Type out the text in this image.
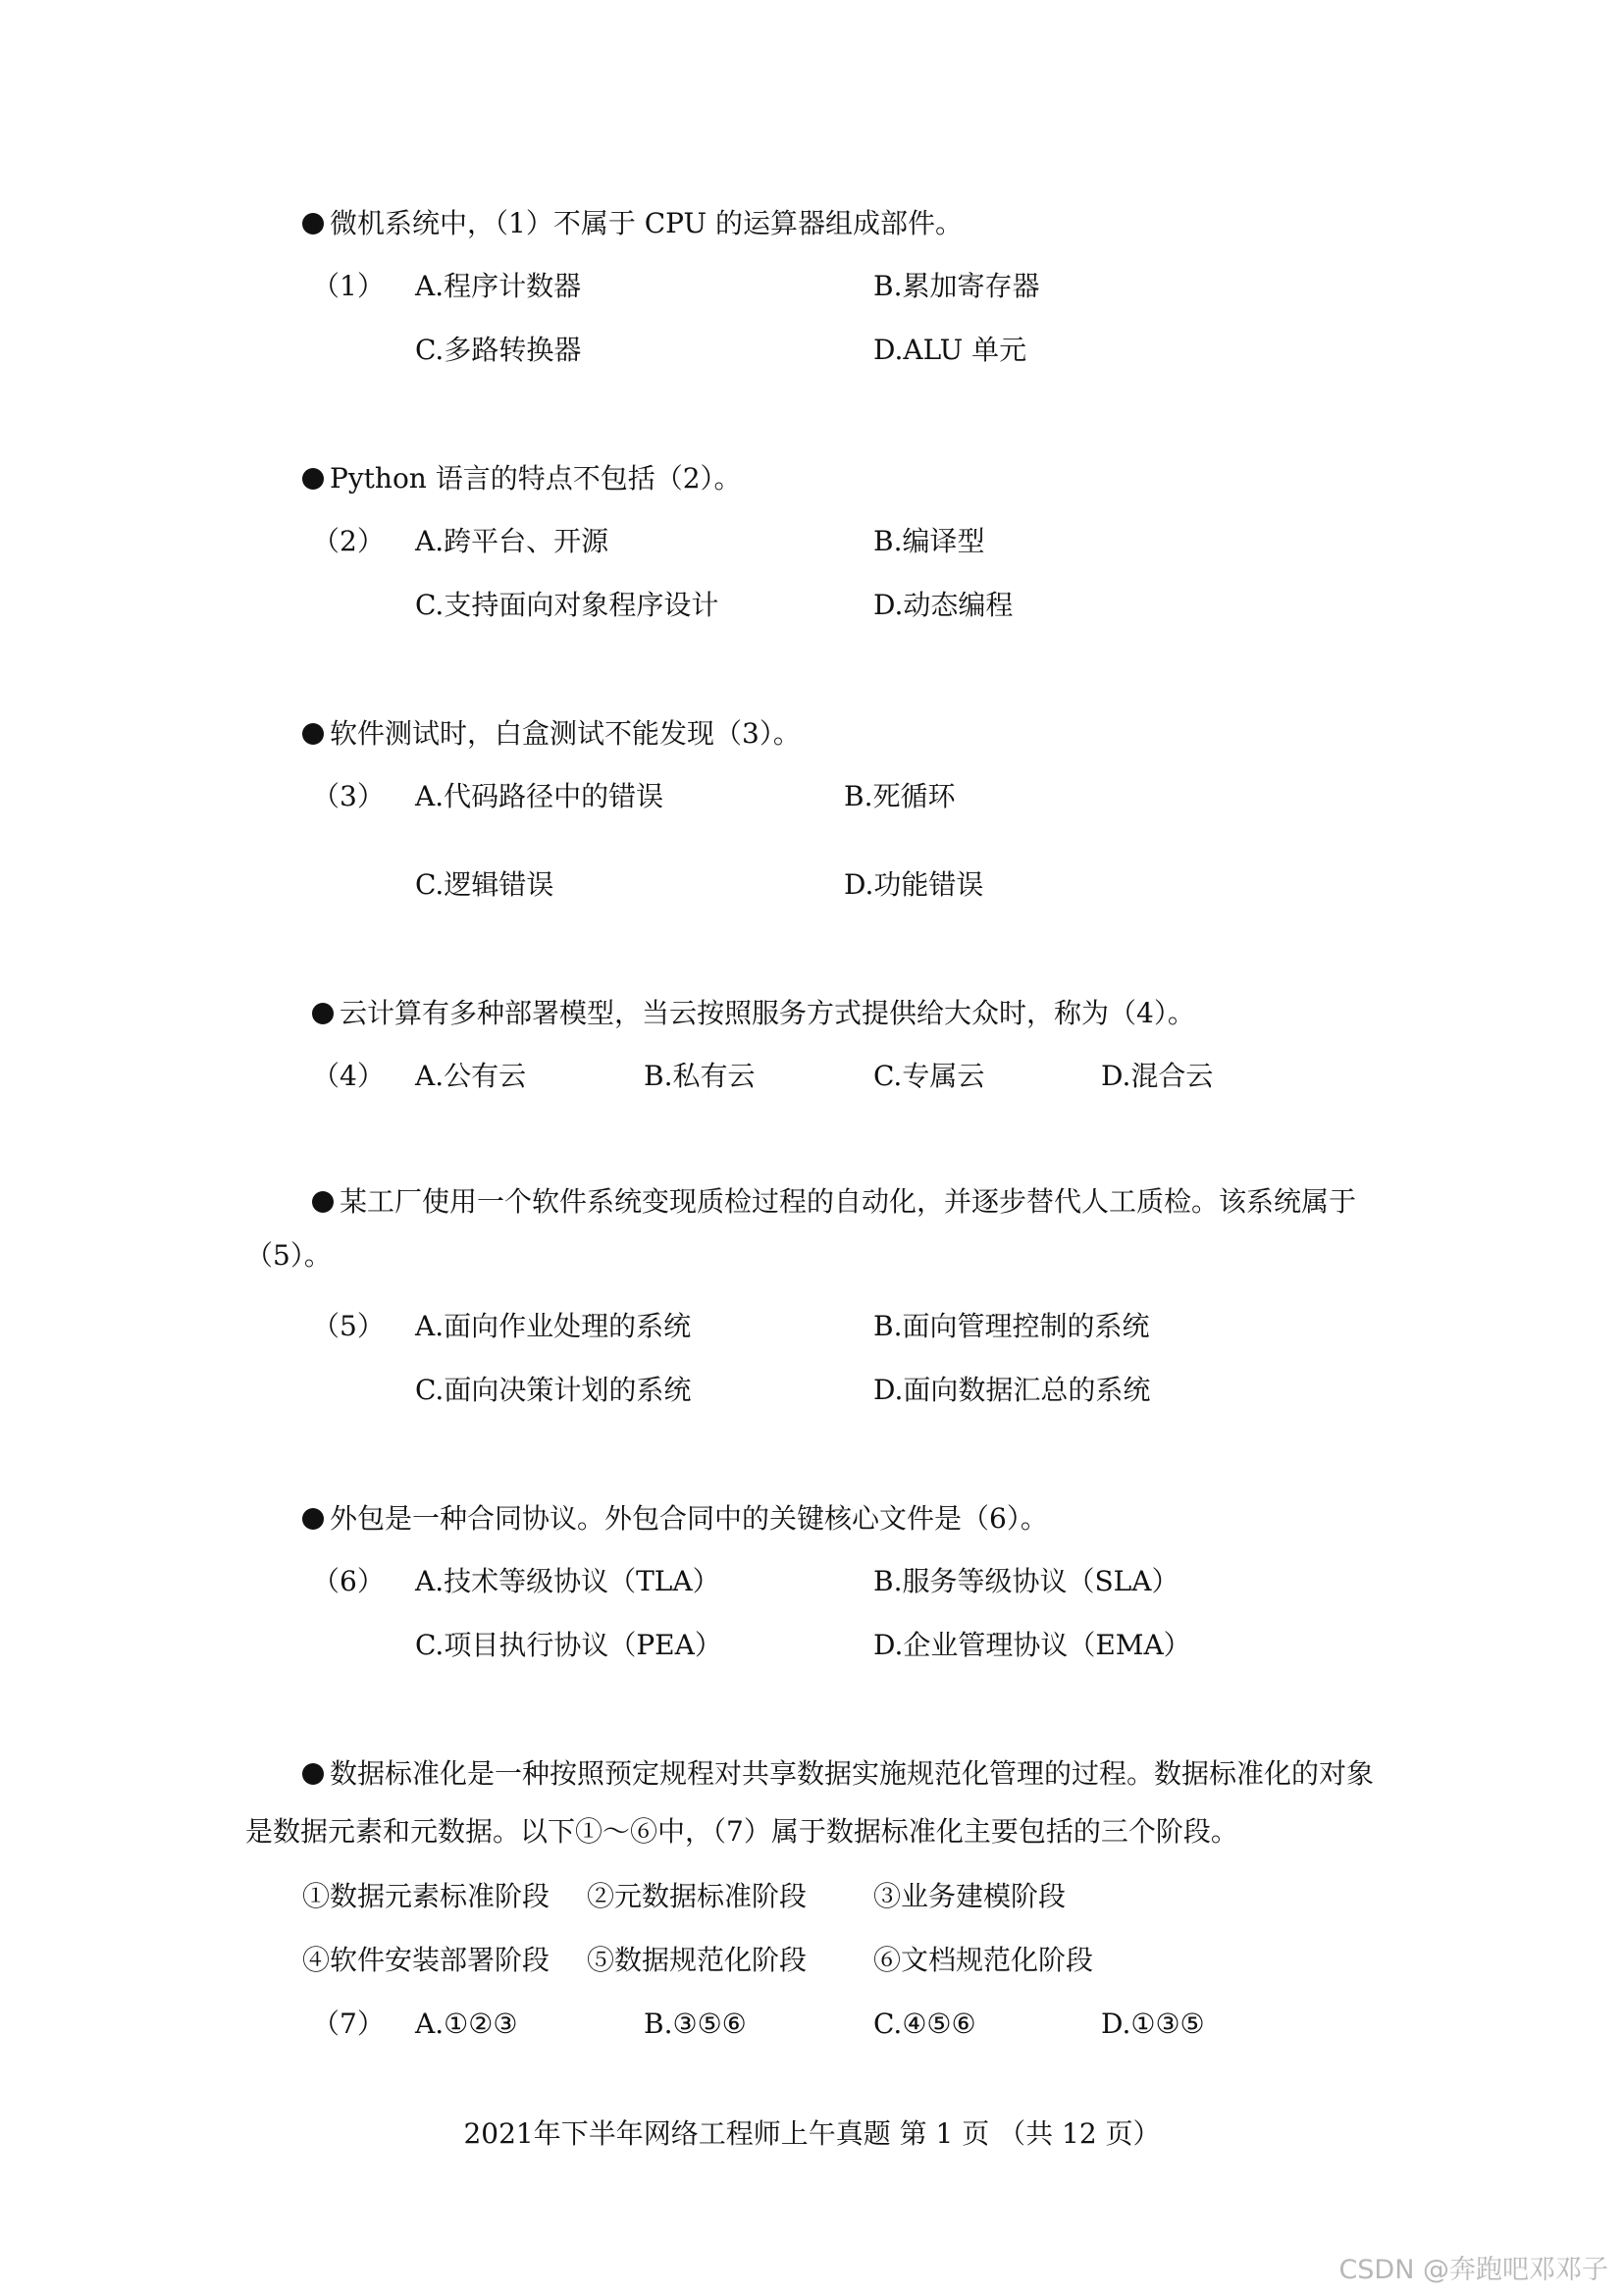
微机系统中，（1）不属于 CPU 的运算器组成部件。
（1） A.程序计数器	B.累加寄存器
C.多路转换器	D.ALU 单元
Python 语言的特点不包括（2）。
（2） A.跨平台、开源	B.编译型
C.支持面向对象程序设计	D.动态编程
软件测试时，白盒测试不能发现（3）。
（3） A.代码路径中的错误	B.死循环
C.逻辑错误	D.功能错误
云计算有多种部署模型，当云按照服务方式提供给大众时，称为（4）。
（4） A.公有云	B.私有云	C.专属云	D.混合云
某工厂使用一个软件系统变现质检过程的自动化，并逐步替代人工质检。该系统属于
（5）。
（5） A.面向作业处理的系统	B.面向管理控制的系统
C.面向决策计划的系统	D.面向数据汇总的系统
外包是一种合同协议。外包合同中的关键核心文件是（6）。
（6） A.技术等级协议（TLA）	B.服务等级协议（SLA）
C.项目执行协议（PEA）	D.企业管理协议（EMA）
数据标准化是一种按照预定规程对共享数据实施规范化管理的过程。数据标准化的对象
是数据元素和元数据。以下①～⑥中，（7）属于数据标准化主要包括的三个阶段。
①数据元素标准阶段 ②元数据标准阶段 ③业务建模阶段
④软件安装部署阶段 ⑤数据规范化阶段 ⑥文档规范化阶段
（7） A.①②③	B.③⑤⑥	C.④⑤⑥	D.①③⑤
2021年下半年网络工程师上午真题 第 1 页 （共 12 页）
CSDN @奔跑吧邓邓子
